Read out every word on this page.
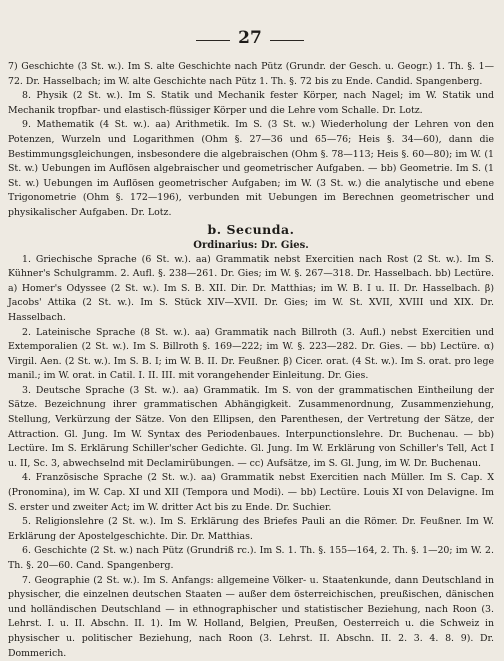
27

7) Geschichte (3 St. w.). Im S. alte Geschichte nach Pütz (Grundr. der Gesch. u. Geogr.) 1. Th. §. 1—72. Dr. Hasselbach; im W. alte Geschichte nach Pütz 1. Th. §. 72 bis zu Ende. Candid. Spangenberg.

8. Physik (2 St. w.). Im S. Statik und Mechanik fester Körper, nach Nagel; im W. Statik und Mechanik tropfbar- und elastisch-flüssiger Körper und die Lehre vom Schalle. Dr. Lotz.

9. Mathematik (4 St. w.). aa) Arithmetik. Im S. (3 St. w.) Wiederholung der Lehren von den Potenzen, Wurzeln und Logarithmen (Ohm §. 27—36 und 65—76; Heis §. 34—60), dann die Bestimmungsgleichungen, insbesondere die algebraischen (Ohm §. 78—113; Heis §. 60—80); im W. (1 St. w.) Uebungen im Auflösen algebraischer und geometrischer Aufgaben. — bb) Geometrie. Im S. (1 St. w.) Uebungen im Auflösen geometrischer Aufgaben; im W. (3 St. w.) die analytische und ebene Trigonometrie (Ohm §. 172—196), verbunden mit Uebungen im Berechnen geometrischer und physikalischer Aufgaben. Dr. Lotz.

b. Secunda.
Ordinarius: Dr. Gies.

1. Griechische Sprache (6 St. w.). aa) Grammatik nebst Exercitien nach Rost (2 St. w.). Im S. Kühner's Schulgramm. 2. Aufl. §. 238—261. Dr. Gies; im W. §. 267—318. Dr. Hasselbach. bb) Lectüre. a) Homer's Odyssee (2 St. w.). Im S. B. XII. Dir. Dr. Matthias; im W. B. I u. II. Dr. Hasselbach. β) Jacobs' Attika (2 St. w.). Im S. Stück XIV—XVII. Dr. Gies; im W. St. XVII, XVIII und XIX. Dr. Hasselbach.

2. Lateinische Sprache (8 St. w.). aa) Grammatik nach Billroth (3. Aufl.) nebst Exercitien und Extemporalien (2 St. w.). Im S. Billroth §. 169—222; im W. §. 223—282. Dr. Gies. — bb) Lectüre. α) Virgil. Aen. (2 St. w.). Im S. B. I; im W. B. II. Dr. Feußner. β) Cicer. orat. (4 St. w.). Im S. orat. pro lege manil.; im W. orat. in Catil. I. II. III. mit vorangehender Einleitung. Dr. Gies.

3. Deutsche Sprache (3 St. w.). aa) Grammatik. Im S. von der grammatischen Eintheilung der Sätze. Bezeichnung ihrer grammatischen Abhängigkeit. Zusammenordnung, Zusammenziehung, Stellung, Verkürzung der Sätze. Von den Ellipsen, den Parenthesen, der Vertretung der Sätze, der Attraction. Gl. Jung. Im W. Syntax des Periodenbaues. Interpunctionslehre. Dr. Buchenau. — bb) Lectüre. Im S. Erklärung Schiller'scher Gedichte. Gl. Jung. Im W. Erklärung von Schiller's Tell, Act I u. II, Sc. 3, abwechselnd mit Declamirübungen. — cc) Aufsätze, im S. Gl. Jung, im W. Dr. Buchenau.

4. Französische Sprache (2 St. w.). aa) Grammatik nebst Exercitien nach Müller. Im S. Cap. X (Pronomina), im W. Cap. XI und XII (Tempora und Modi). — bb) Lectüre. Louis XI von Delavigne. Im S. erster und zweiter Act; im W. dritter Act bis zu Ende. Dr. Suchier.

5. Religionslehre (2 St. w.). Im S. Erklärung des Briefes Pauli an die Römer. Dr. Feußner. Im W. Erklärung der Apostelgeschichte. Dir. Dr. Matthias.

6. Geschichte (2 St. w.) nach Pütz (Grundriß rc.). Im S. 1. Th. §. 155—164, 2. Th. §. 1—20; im W. 2. Th. §. 20—60. Cand. Spangenberg.

7. Geographie (2 St. w.). Im S. Anfangs: allgemeine Völker- u. Staatenkunde, dann Deutschland in physischer, die einzelnen deutschen Staaten — außer dem österreichischen, preußischen, dänischen und holländischen Deutschland — in ethnographischer und statistischer Beziehung, nach Roon (3. Lehrst. I. u. II. Abschn. II. 1). Im W. Holland, Belgien, Preußen, Oesterreich u. die Schweiz in physischer u. politischer Beziehung, nach Roon (3. Lehrst. II. Abschn. II. 2. 3. 4. 8. 9). Dr. Dommerich.
